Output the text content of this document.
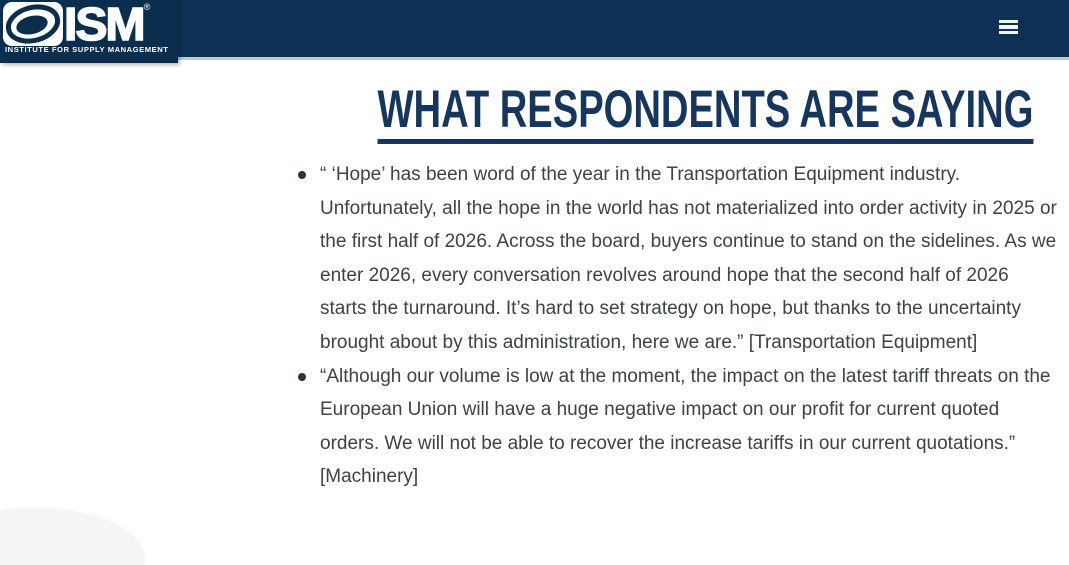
ISM ®
INSTITUTE FOR SUPPLY MANAGEMENT
WHAT RESPONDENTS ARE SAYING
“ ‘Hope’ has been word of the year in the Transportation Equipment industry. Unfortunately, all the hope in the world has not materialized into order activity in 2025 or the first half of 2026. Across the board, buyers continue to stand on the sidelines. As we enter 2026, every conversation revolves around hope that the second half of 2026 starts the turnaround. It’s hard to set strategy on hope, but thanks to the uncertainty brought about by this administration, here we are.” [Transportation Equipment]
“Although our volume is low at the moment, the impact on the latest tariff threats on the European Union will have a huge negative impact on our profit for current quoted orders. We will not be able to recover the increase tariffs in our current quotations.” [Machinery]
